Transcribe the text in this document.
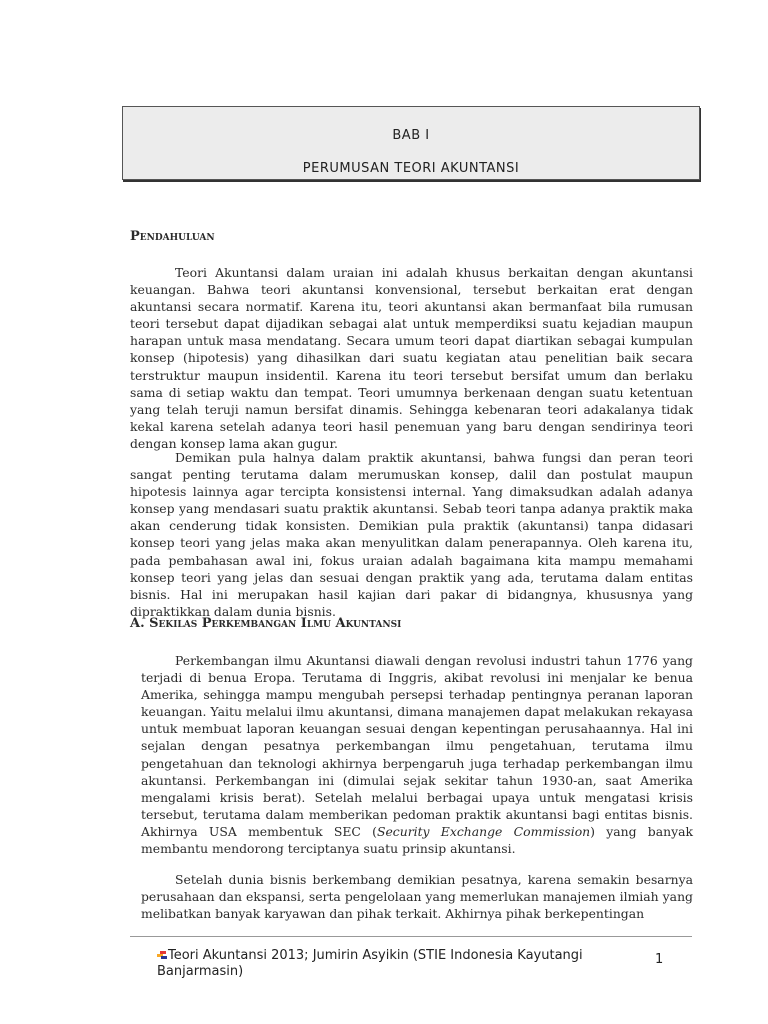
BAB I
PERUMUSAN TEORI AKUNTANSI
Pendahuluan

Teori Akuntansi dalam uraian ini adalah khusus berkaitan dengan akuntansi keuangan. Bahwa teori akuntansi konvensional, tersebut berkaitan erat dengan akuntansi secara normatif. Karena itu, teori akuntansi akan bermanfaat bila rumusan teori tersebut dapat dijadikan sebagai alat untuk memperdiksi suatu kejadian maupun harapan untuk masa mendatang. Secara umum teori dapat diartikan sebagai kumpulan konsep (hipotesis) yang dihasilkan dari suatu kegiatan atau penelitian baik secara terstruktur maupun insidentil. Karena itu teori tersebut bersifat umum dan berlaku sama di setiap waktu dan tempat. Teori umumnya berkenaan dengan suatu ketentuan yang telah teruji namun bersifat dinamis. Sehingga kebenaran teori adakalanya tidak kekal karena setelah adanya teori hasil penemuan yang baru dengan sendirinya teori dengan konsep lama akan gugur.

Demikan pula halnya dalam praktik akuntansi, bahwa fungsi dan peran teori sangat penting terutama dalam merumuskan konsep, dalil dan postulat maupun hipotesis lainnya agar tercipta konsistensi internal. Yang dimaksudkan adalah adanya konsep yang mendasari suatu praktik akuntansi. Sebab teori tanpa adanya praktik maka akan cenderung tidak konsisten. Demikian pula praktik (akuntansi) tanpa didasari konsep teori yang jelas maka akan menyulitkan dalam penerapannya. Oleh karena itu, pada pembahasan awal ini, fokus uraian adalah bagaimana kita mampu memahami konsep teori yang jelas dan sesuai dengan praktik yang ada, terutama dalam entitas bisnis. Hal ini merupakan hasil kajian dari pakar di bidangnya, khususnya yang dipraktikkan dalam dunia bisnis.

A. Sekilas Perkembangan Ilmu Akuntansi

Perkembangan ilmu Akuntansi diawali dengan revolusi industri tahun 1776 yang terjadi di benua Eropa. Terutama di Inggris, akibat revolusi ini menjalar ke benua Amerika, sehingga mampu mengubah persepsi terhadap pentingnya peranan laporan keuangan. Yaitu melalui ilmu akuntansi, dimana manajemen dapat melakukan rekayasa untuk membuat laporan keuangan sesuai dengan kepentingan perusahaannya. Hal ini sejalan dengan pesatnya perkembangan ilmu pengetahuan, terutama ilmu pengetahuan dan teknologi akhirnya berpengaruh juga terhadap perkembangan ilmu akuntansi. Perkembangan ini (dimulai sejak sekitar tahun 1930-an, saat Amerika mengalami krisis berat). Setelah melalui berbagai upaya untuk mengatasi krisis tersebut, terutama dalam memberikan pedoman praktik akuntansi bagi entitas bisnis. Akhirnya USA membentuk SEC (Security Exchange Commission) yang banyak membantu mendorong terciptanya suatu prinsip akuntansi.

Setelah dunia bisnis berkembang demikian pesatnya, karena semakin besarnya perusahaan dan ekspansi, serta pengelolaan yang memerlukan manajemen ilmiah yang melibatkan banyak karyawan dan pihak terkait. Akhirnya pihak berkepentingan

Teori Akuntansi 2013; Jumirin Asyikin (STIE Indonesia Kayutangi Banjarmasin)
1
